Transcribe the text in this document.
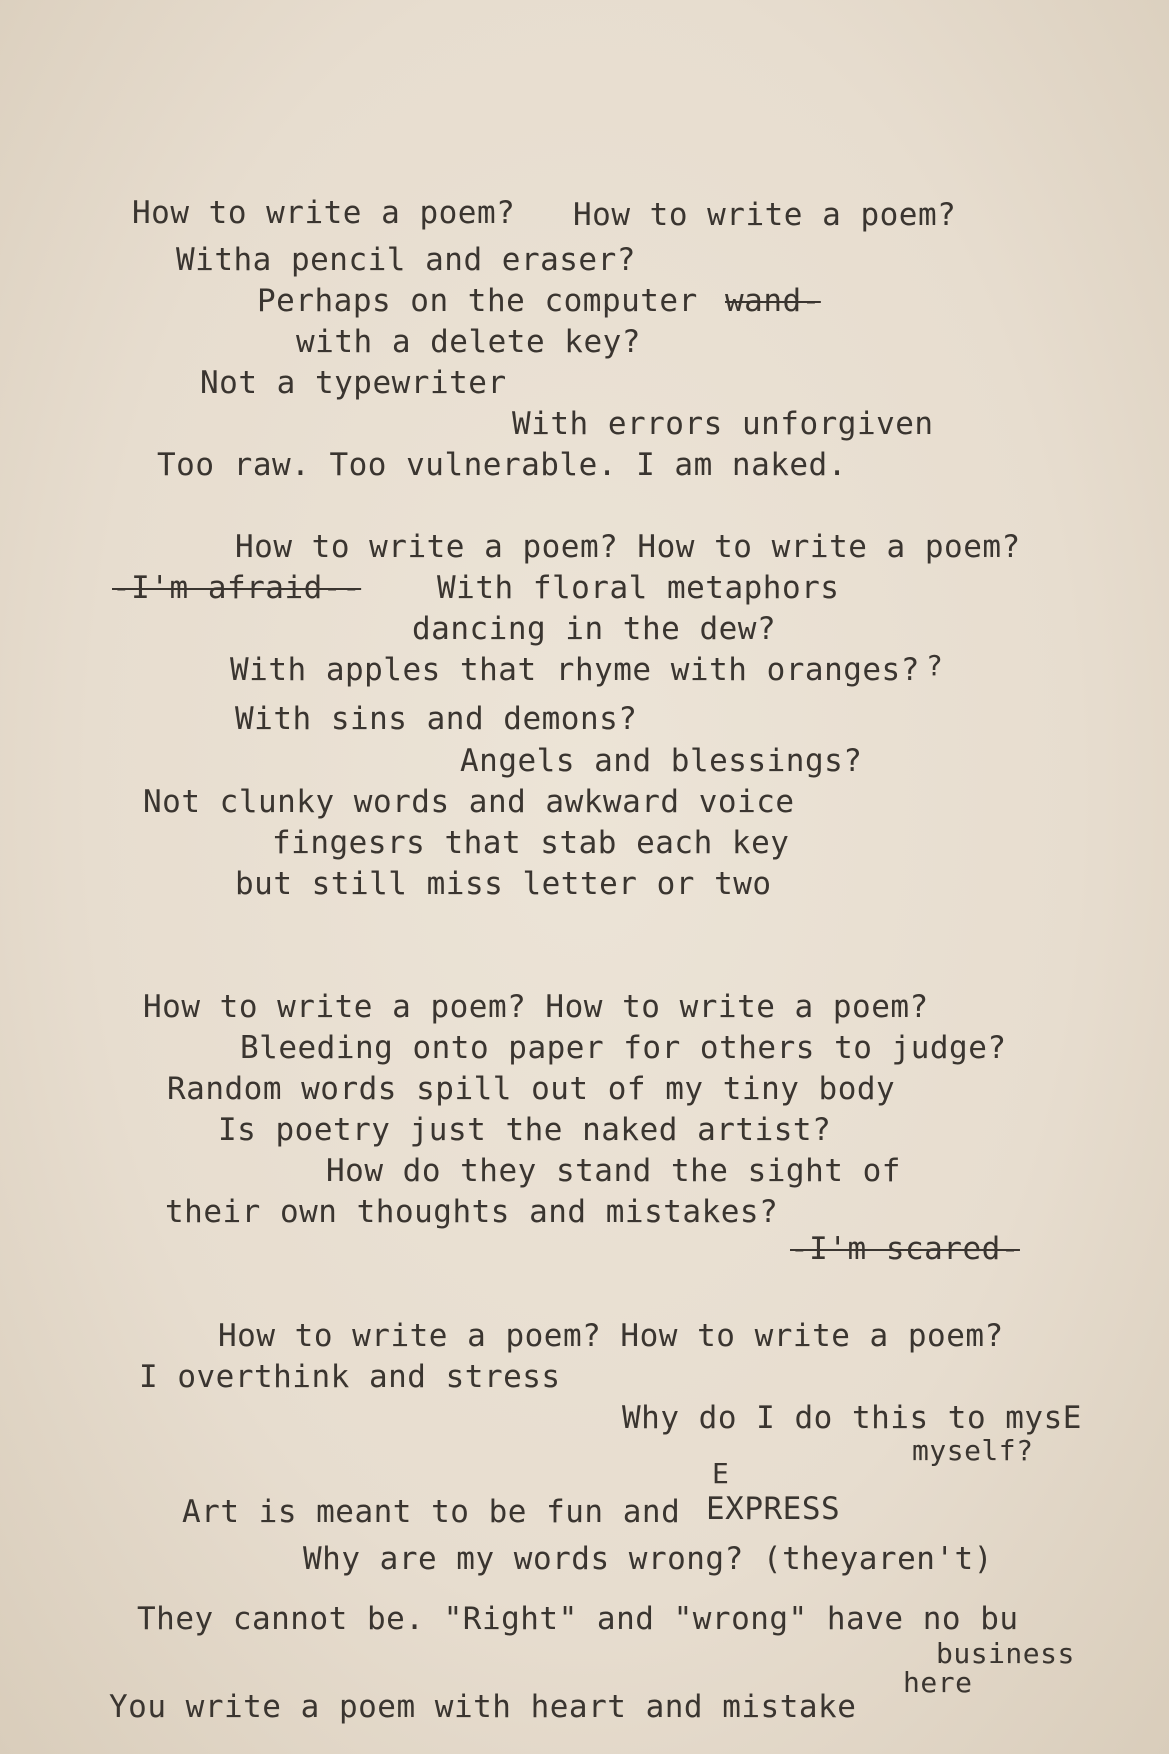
How to write a poem? How to write a poem?
Witha pencil and eraser?
Perhaps on the computer wand-
with a delete key?
Not a typewriter
With errors unforgiven
Too raw. Too vulnerable. I am naked.
How to write a poem? How to write a poem?
-I'm afraid-- With floral metaphors
dancing in the dew?
With apples that rhyme with oranges? ?
With sins and demons?
Angels and blessings?
Not clunky words and awkward voice
fingesrs that stab each key
but still miss letter or two
How to write a poem? How to write a poem?
Bleeding onto paper for others to judge?
Random words spill out of my tiny body
Is poetry just the naked artist?
How do they stand the sight of
their own thoughts and mistakes?
-I'm scared-
How to write a poem? How to write a poem?
I overthink and stress
Why do I do this to mysE
myself?
E
Art is meant to be fun and EXPRESS
Why are my words wrong? (theyaren't)
They cannot be. "Right" and "wrong" have no bu
business
here
You write a poem with heart and mistake
